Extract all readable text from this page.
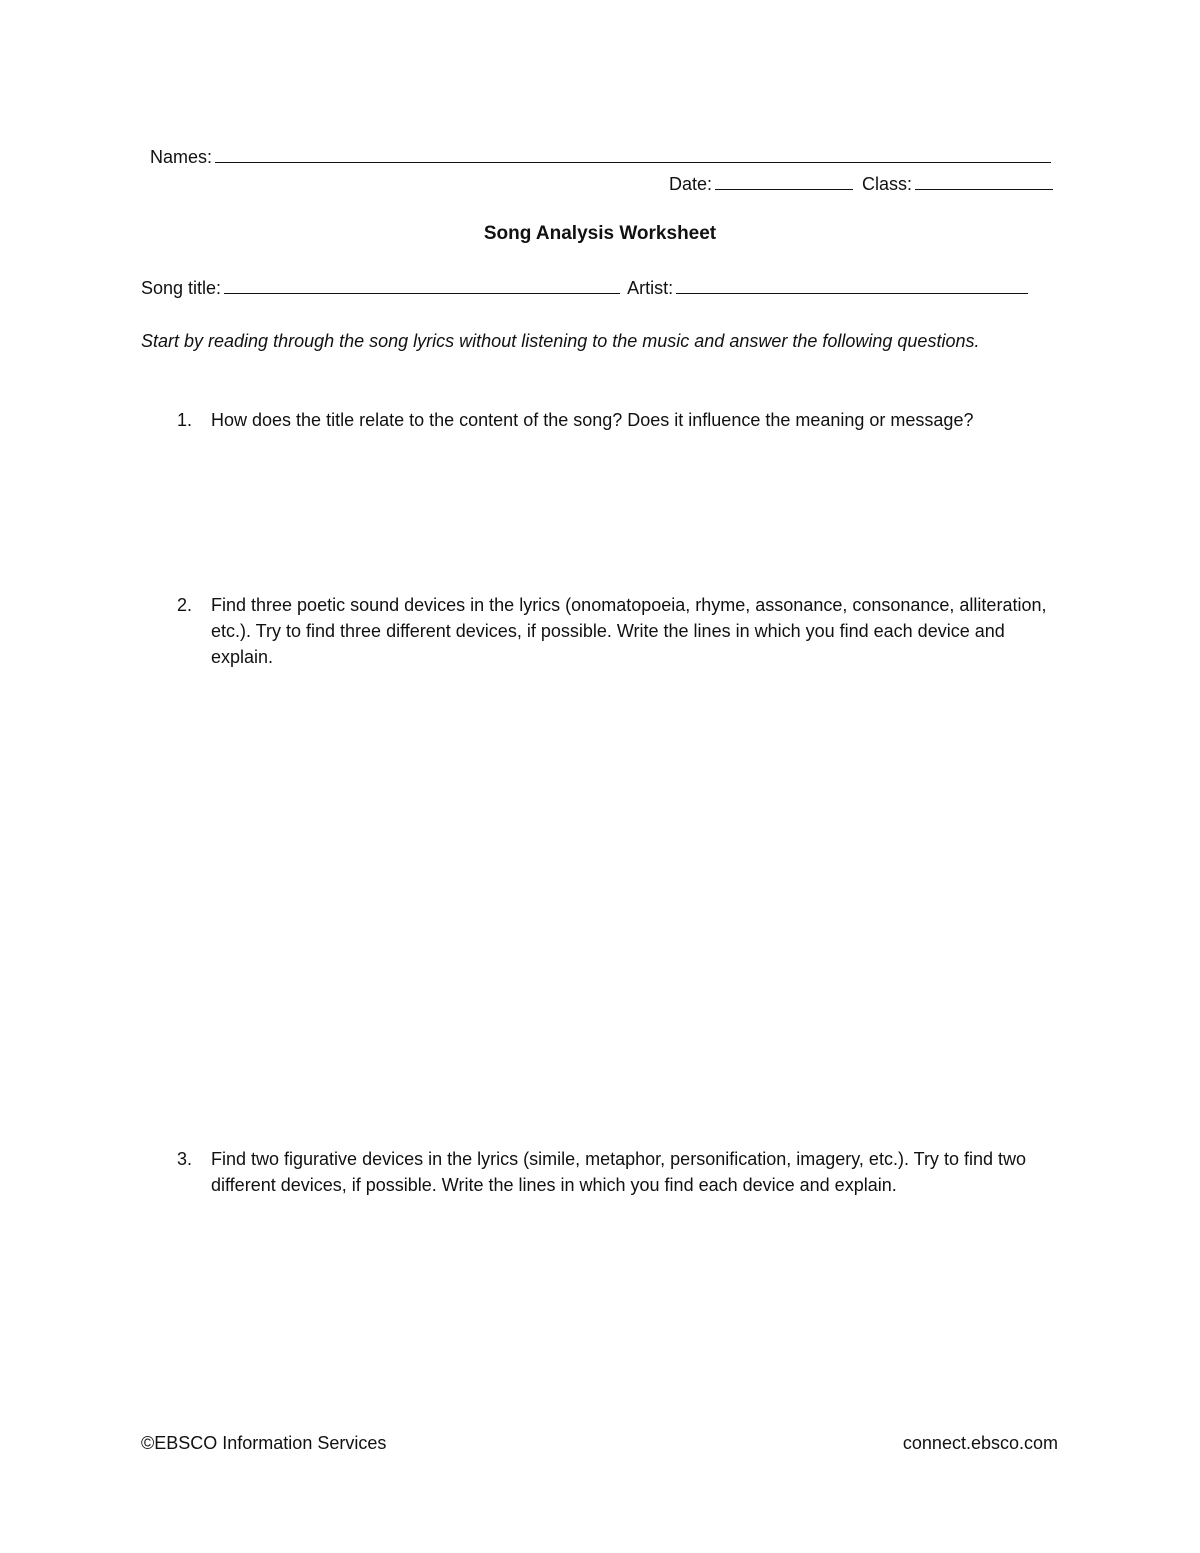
Names:
Date:	Class:
Song Analysis Worksheet
Song title:	Artist:
Start by reading through the song lyrics without listening to the music and answer the following questions.
1. How does the title relate to the content of the song? Does it influence the meaning or message?
2. Find three poetic sound devices in the lyrics (onomatopoeia, rhyme, assonance, consonance, alliteration, etc.). Try to find three different devices, if possible. Write the lines in which you find each device and explain.
3. Find two figurative devices in the lyrics (simile, metaphor, personification, imagery, etc.). Try to find two different devices, if possible. Write the lines in which you find each device and explain.
©EBSCO Information Services	connect.ebsco.com
